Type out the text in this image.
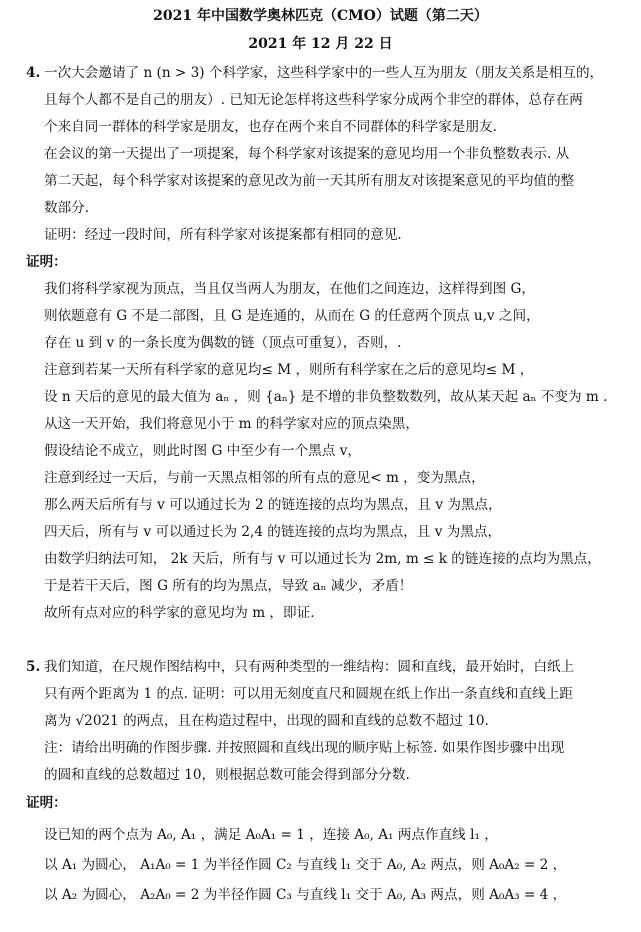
2021 年中国数学奥林匹克（CMO）试题（第二天）
2021 年 12 月 22 日
4. 一次大会邀请了 n (n > 3) 个科学家，这些科学家中的一些人互为朋友（朋友关系是相互的，
且每个人都不是自己的朋友）. 已知无论怎样将这些科学家分成两个非空的群体，总存在两
个来自同一群体的科学家是朋友，也存在两个来自不同群体的科学家是朋友.
在会议的第一天提出了一项提案，每个科学家对该提案的意见均用一个非负整数表示. 从
第二天起，每个科学家对该提案的意见改为前一天其所有朋友对该提案意见的平均值的整
数部分.
证明：经过一段时间，所有科学家对该提案都有相同的意见.
证明：
我们将科学家视为顶点，当且仅当两人为朋友，在他们之间连边，这样得到图 G，
则依题意有 G 不是二部图，且 G 是连通的，从而在 G 的任意两个顶点 u,v 之间，
存在 u 到 v 的一条长度为偶数的链（顶点可重复），否则，.
注意到若某一天所有科学家的意见均≤ M ，则所有科学家在之后的意见均≤ M ，
设 n 天后的意见的最大值为 aₙ ，则 {aₙ} 是不增的非负整数数列，故从某天起 aₙ 不变为 m .
从这一天开始，我们将意见小于 m 的科学家对应的顶点染黑，
假设结论不成立，则此时图 G 中至少有一个黑点 v，
注意到经过一天后，与前一天黑点相邻的所有点的意见< m ，变为黑点，
那么两天后所有与 v 可以通过长为 2 的链连接的点均为黑点，且 v 为黑点，
四天后，所有与 v 可以通过长为 2,4 的链连接的点均为黑点，且 v 为黑点，
由数学归纳法可知， 2k 天后，所有与 v 可以通过长为 2m, m ≤ k 的链连接的点均为黑点，
于是若干天后，图 G 所有的均为黑点，导致 aₙ 减少，矛盾！
故所有点对应的科学家的意见均为 m ，即证.
5. 我们知道，在尺规作图结构中，只有两种类型的一维结构：圆和直线，最开始时，白纸上
只有两个距离为 1 的点. 证明：可以用无刻度直尺和圆规在纸上作出一条直线和直线上距
离为 √2021 的两点，且在构造过程中，出现的圆和直线的总数不超过 10.
注：请给出明确的作图步骤. 并按照圆和直线出现的顺序贴上标签. 如果作图步骤中出现
的圆和直线的总数超过 10，则根据总数可能会得到部分分数.
证明：
设已知的两个点为 A₀, A₁ ，满足 A₀A₁ = 1 ，连接 A₀, A₁ 两点作直线 l₁ ，
以 A₁ 为圆心， A₁A₀ = 1 为半径作圆 C₂ 与直线 l₁ 交于 A₀, A₂ 两点，则 A₀A₂ = 2 ，
以 A₂ 为圆心， A₂A₀ = 2 为半径作圆 C₃ 与直线 l₁ 交于 A₀, A₃ 两点，则 A₀A₃ = 4 ，
